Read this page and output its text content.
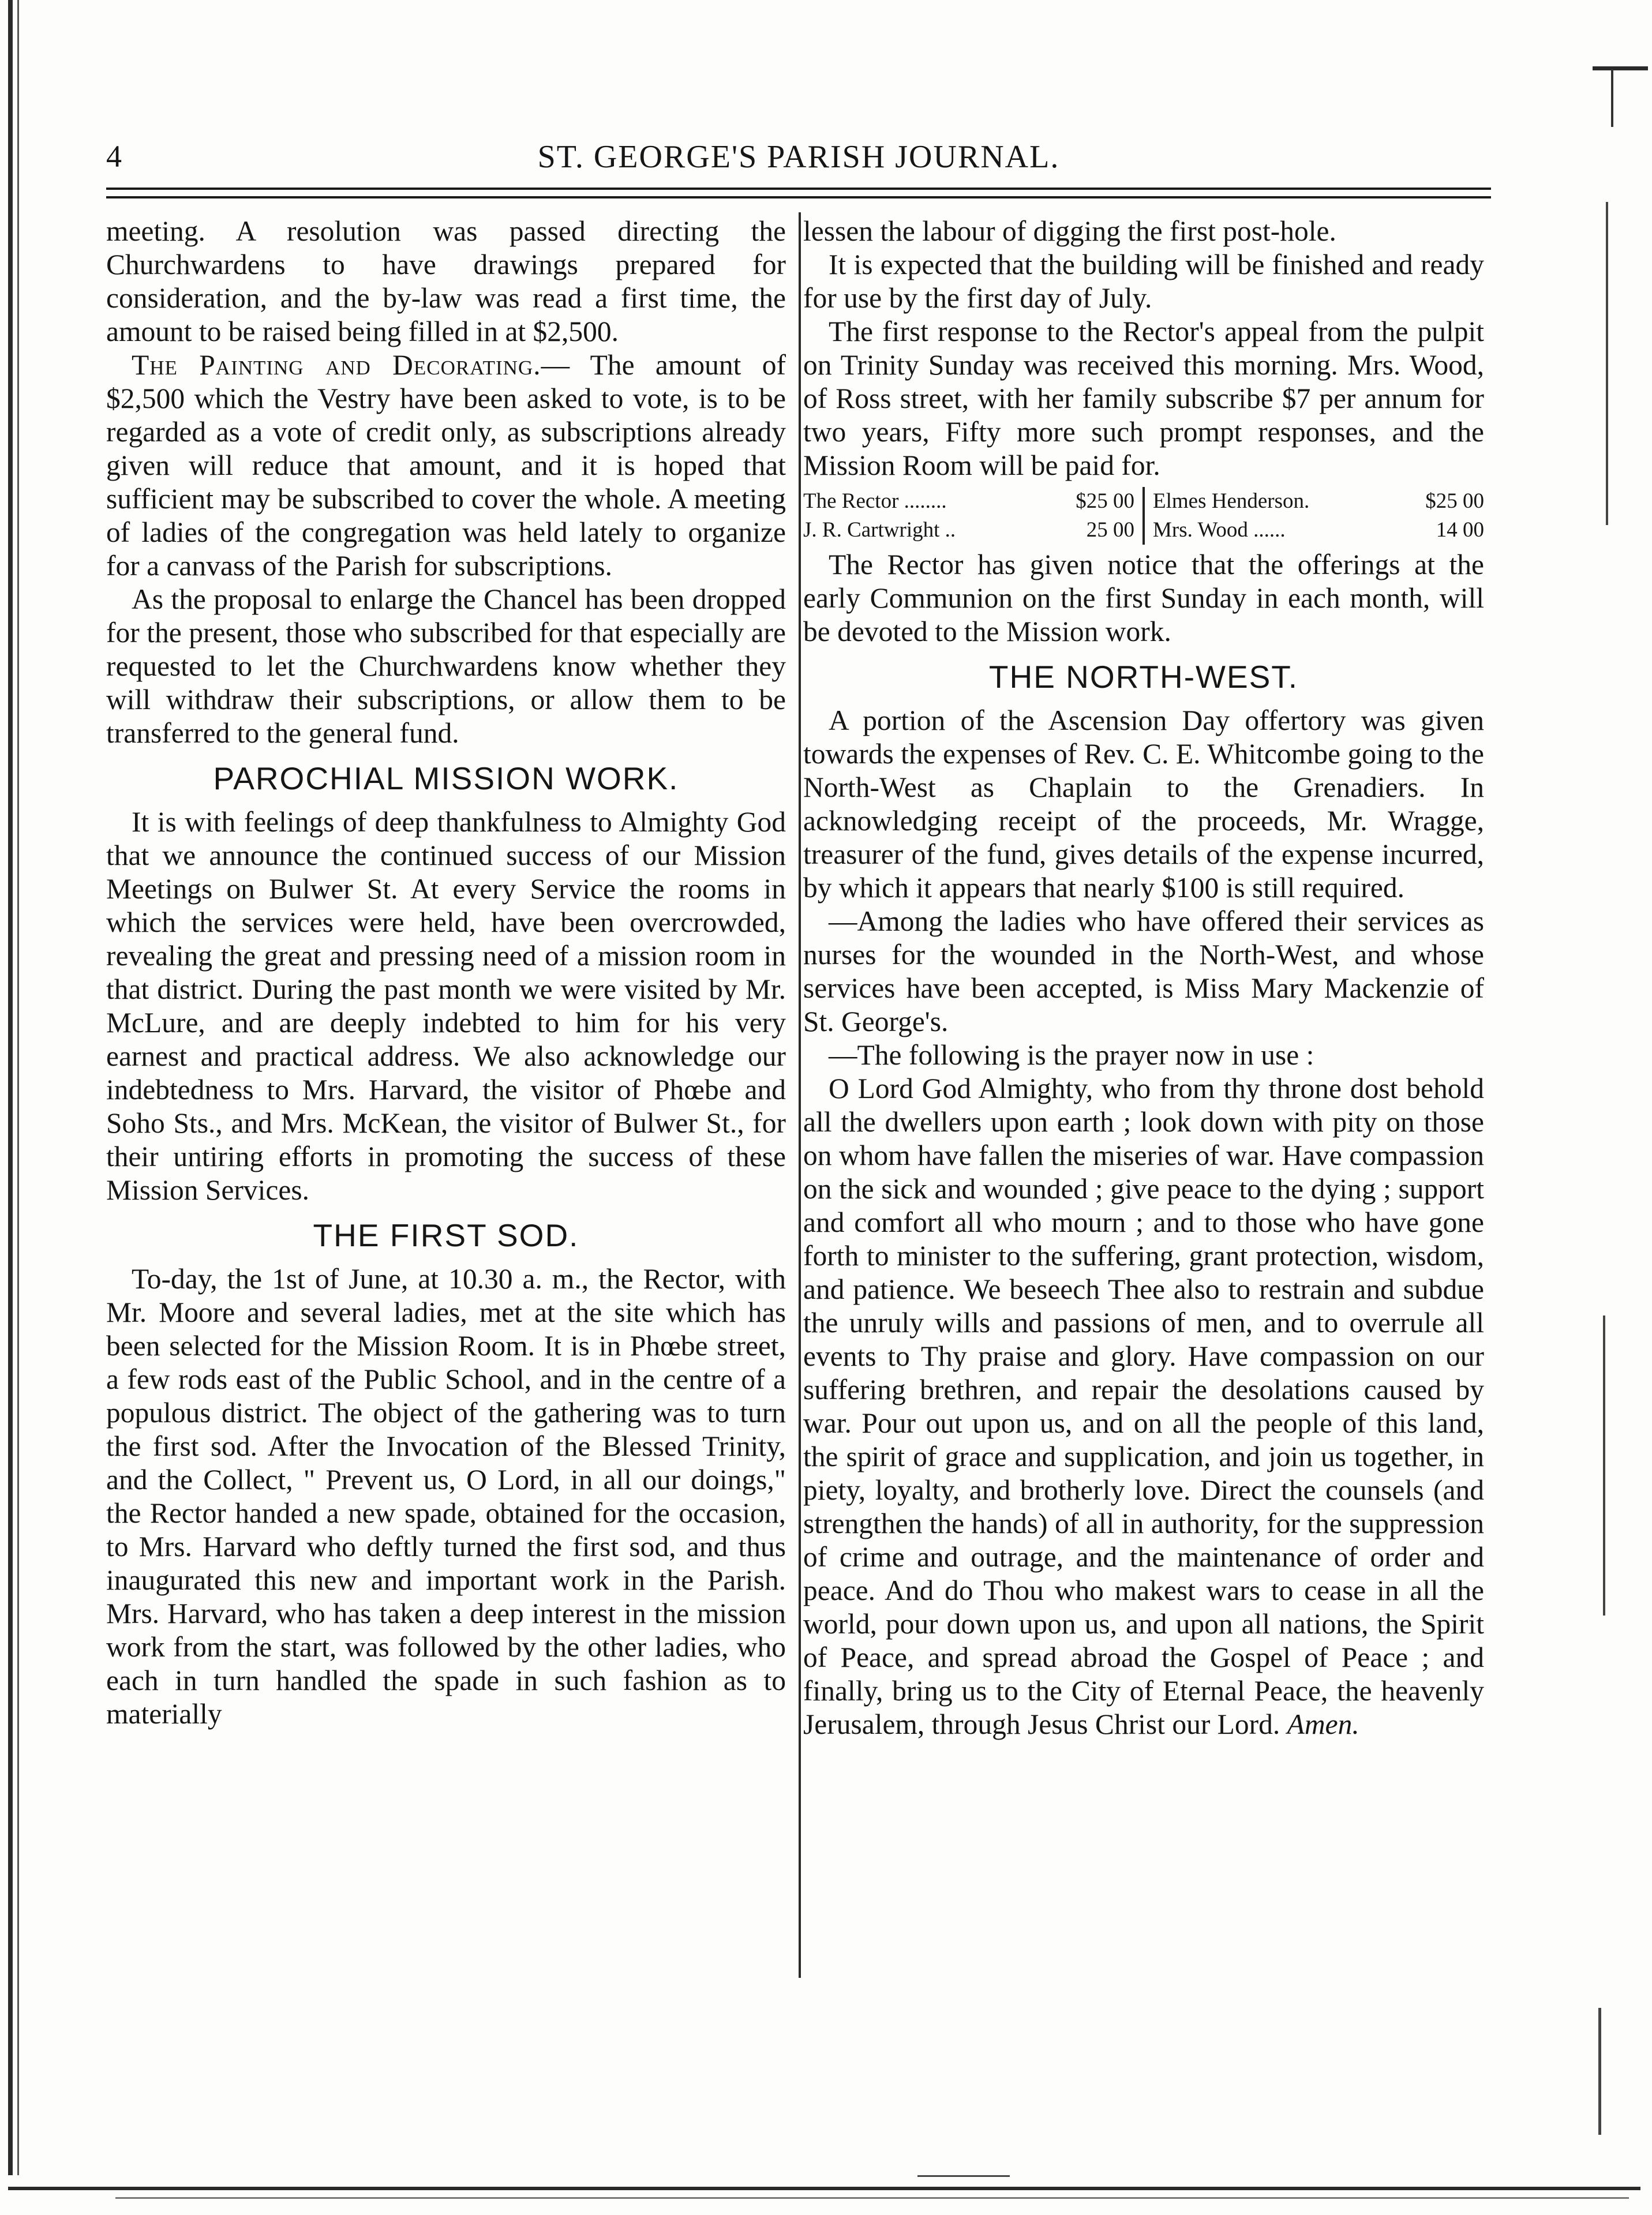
4	ST. GEORGE'S PARISH JOURNAL.

meeting. A resolution was passed directing the Churchwardens to have drawings prepared for consideration, and the by-law was read a first time, the amount to be raised being filled in at $2,500.

The Painting and Decorating.— The amount of $2,500 which the Vestry have been asked to vote, is to be regarded as a vote of credit only, as subscriptions already given will reduce that amount, and it is hoped that sufficient may be subscribed to cover the whole. A meeting of ladies of the congregation was held lately to organize for a canvass of the Parish for subscriptions.

As the proposal to enlarge the Chancel has been dropped for the present, those who subscribed for that especially are requested to let the Churchwardens know whether they will withdraw their subscriptions, or allow them to be transferred to the general fund.

PAROCHIAL MISSION WORK.

It is with feelings of deep thankfulness to Almighty God that we announce the continued success of our Mission Meetings on Bulwer St. At every Service the rooms in which the services were held, have been overcrowded, revealing the great and pressing need of a mission room in that district. During the past month we were visited by Mr. McLure, and are deeply indebted to him for his very earnest and practical address. We also acknowledge our indebtedness to Mrs. Harvard, the visitor of Phœbe and Soho Sts., and Mrs. McKean, the visitor of Bulwer St., for their untiring efforts in promoting the success of these Mission Services.

THE FIRST SOD.

To-day, the 1st of June, at 10.30 a. m., the Rector, with Mr. Moore and several ladies, met at the site which has been selected for the Mission Room. It is in Phœbe street, a few rods east of the Public School, and in the centre of a populous district. The object of the gathering was to turn the first sod. After the Invocation of the Blessed Trinity, and the Collect, " Prevent us, O Lord, in all our doings," the Rector handed a new spade, obtained for the occasion, to Mrs. Harvard who deftly turned the first sod, and thus inaugurated this new and important work in the Parish. Mrs. Harvard, who has taken a deep interest in the mission work from the start, was followed by the other ladies, who each in turn handled the spade in such fashion as to materially

lessen the labour of digging the first post-hole.

It is expected that the building will be finished and ready for use by the first day of July.

The first response to the Rector's appeal from the pulpit on Trinity Sunday was received this morning. Mrs. Wood, of Ross street, with her family subscribe $7 per annum for two years, Fifty more such prompt responses, and the Mission Room will be paid for.

The Rector ........	$25 00 Elmes Henderson.	$25 00
J. R. Cartwright ..	25 00 Mrs. Wood ......	14 00

The Rector has given notice that the offerings at the early Communion on the first Sunday in each month, will be devoted to the Mission work.

THE NORTH-WEST.

A portion of the Ascension Day offertory was given towards the expenses of Rev. C. E. Whitcombe going to the North-West as Chaplain to the Grenadiers. In acknowledging receipt of the proceeds, Mr. Wragge, treasurer of the fund, gives details of the expense incurred, by which it appears that nearly $100 is still required.

—Among the ladies who have offered their services as nurses for the wounded in the North-West, and whose services have been accepted, is Miss Mary Mackenzie of St. George's.

—The following is the prayer now in use :

O Lord God Almighty, who from thy throne dost behold all the dwellers upon earth ; look down with pity on those on whom have fallen the miseries of war. Have compassion on the sick and wounded ; give peace to the dying ; support and comfort all who mourn ; and to those who have gone forth to minister to the suffering, grant protection, wisdom, and patience. We beseech Thee also to restrain and subdue the unruly wills and passions of men, and to overrule all events to Thy praise and glory. Have compassion on our suffering brethren, and repair the desolations caused by war. Pour out upon us, and on all the people of this land, the spirit of grace and supplication, and join us together, in piety, loyalty, and brotherly love. Direct the counsels (and strengthen the hands) of all in authority, for the suppression of crime and outrage, and the maintenance of order and peace. And do Thou who makest wars to cease in all the world, pour down upon us, and upon all nations, the Spirit of Peace, and spread abroad the Gospel of Peace ; and finally, bring us to the City of Eternal Peace, the heavenly Jerusalem, through Jesus Christ our Lord. Amen.
